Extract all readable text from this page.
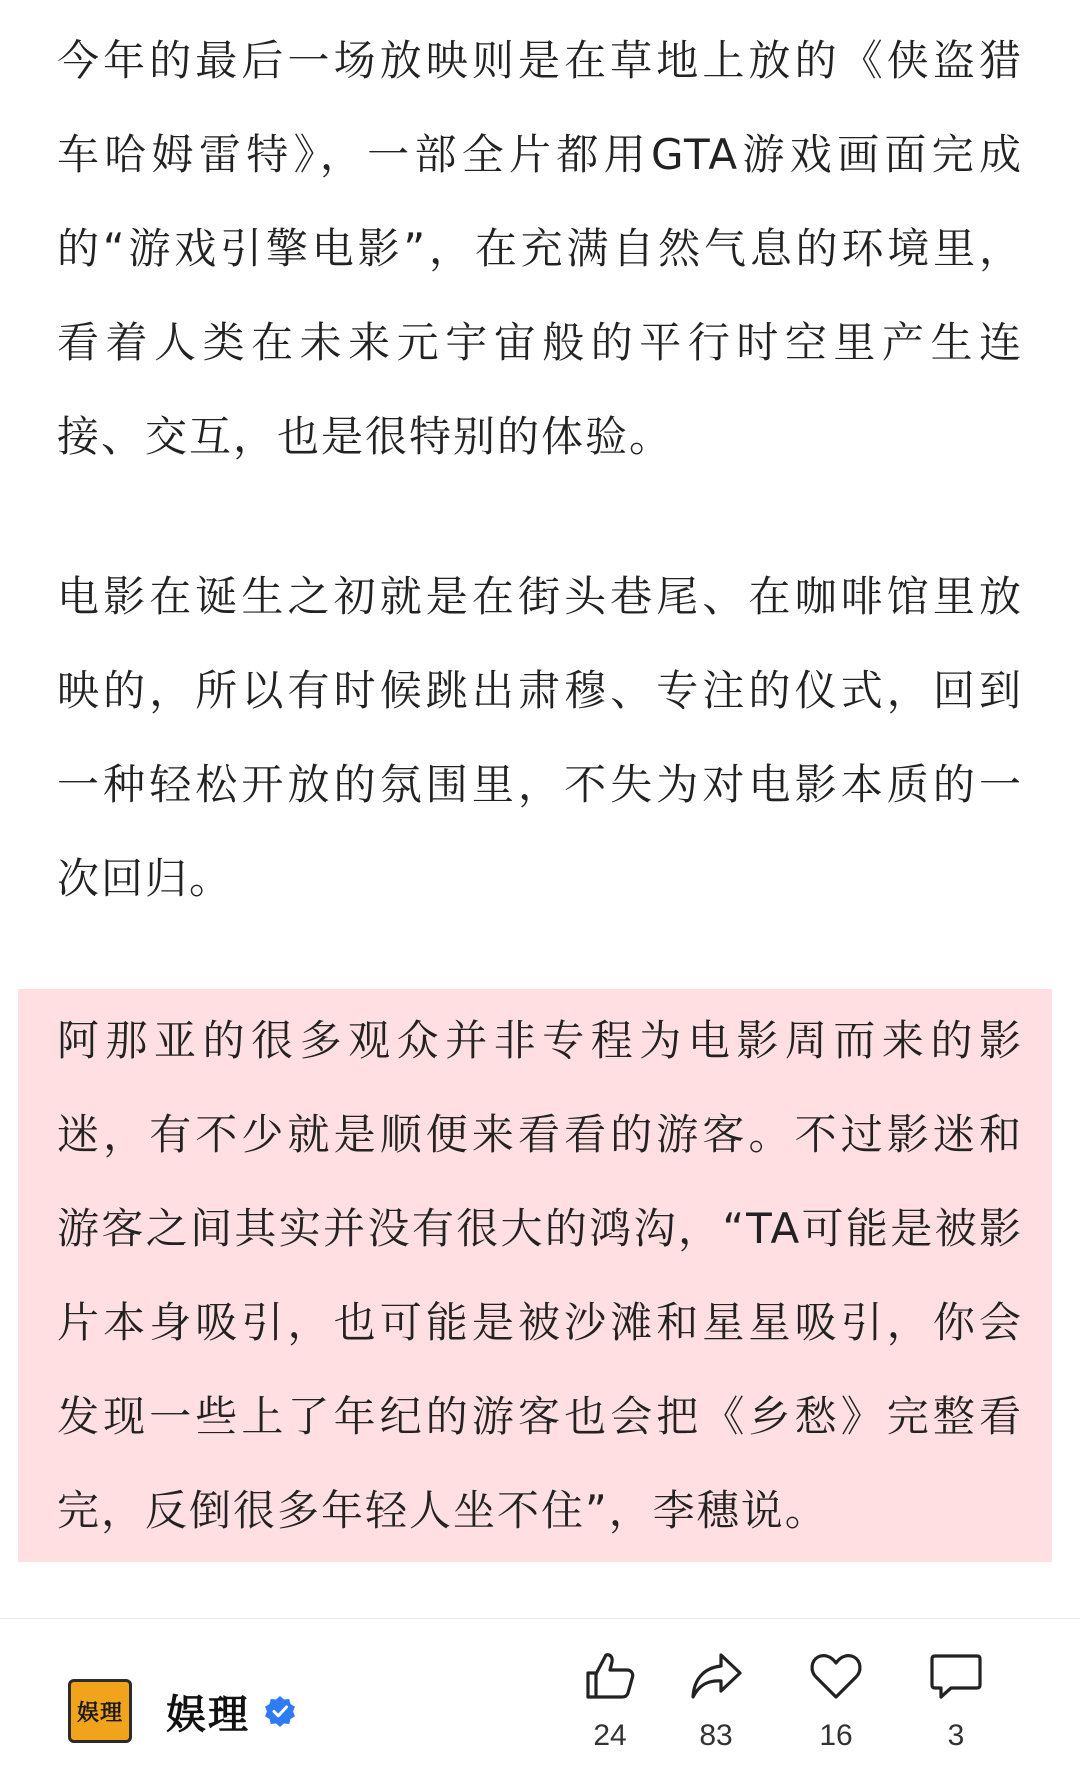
今年的最后一场放映则是在草地上放的《侠盗猎车哈姆雷特》，一部全片都用GTA游戏画面完成的“游戏引擎电影”，在充满自然气息的环境里，看着人类在未来元宇宙般的平行时空里产生连接、交互，也是很特别的体验。

电影在诞生之初就是在街头巷尾、在咖啡馆里放映的，所以有时候跳出肃穆、专注的仪式，回到一种轻松开放的氛围里，不失为对电影本质的一次回归。

阿那亚的很多观众并非专程为电影周而来的影迷，有不少就是顺便来看看的游客。不过影迷和游客之间其实并没有很大的鸿沟，“TA可能是被影片本身吸引，也可能是被沙滩和星星吸引，你会发现一些上了年纪的游客也会把《乡愁》完整看完，反倒很多年轻人坐不住”，李穗说。

娱理 娱理	24 83	16	3
